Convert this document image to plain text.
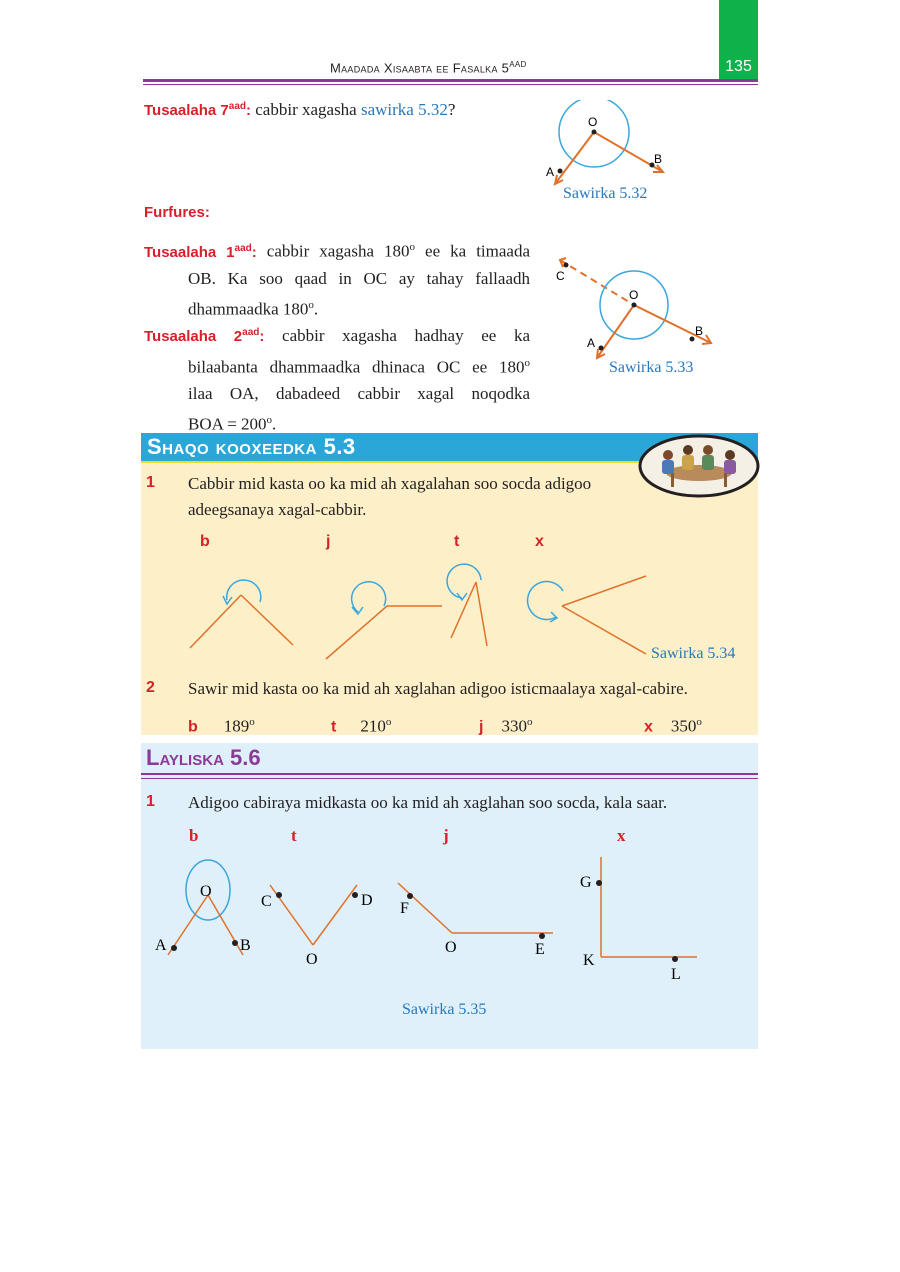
135
Maadada Xisaabta ee Fasalka $5^{AAD}$
Tusaalaha $7^{aad}$: cabbir xagasha sawirka 5.32?
O
A
B
Sawirka 5.32
Furfures:

Tusaalaha $1^{aad}$: cabbir xagasha 180$^o$ ee ka timaada

OB. Ka soo qaad in OC ay tahay fallaadh

dhammaadka 180$^o$.

Tusaalaha $2^{aad}$: cabbir xagasha hadhay ee ka

bilaabanta dhammaadka dhinaca OC ee 180$^o$

ilaa OA, dabadeed cabbir xagal noqodka

BOA = $200^o$.

C
O
A
B
Sawirka 5.33
Shaqo kooxeedka 5.3
1 Cabbir mid kasta oo ka mid ah xagalahan soo socda adigoo

adeegsanaya xagal-cabbir.

b	j	t	x
Sawirka 5.34
2 Sawir mid kasta oo ka mid ah xaglahan adigoo isticmaalaya xagal-cabire.
b 189$^o$	t 210$^o$	j 330$^o$	x 350$^o$
Layliska 5.6
1 Adigoo cabiraya midkasta oo ka mid ah xaglahan soo socda, kala saar.
b	t	j	x
O
A	B
C	D
O
F
O	E
G
K
L
Sawirka 5.35
